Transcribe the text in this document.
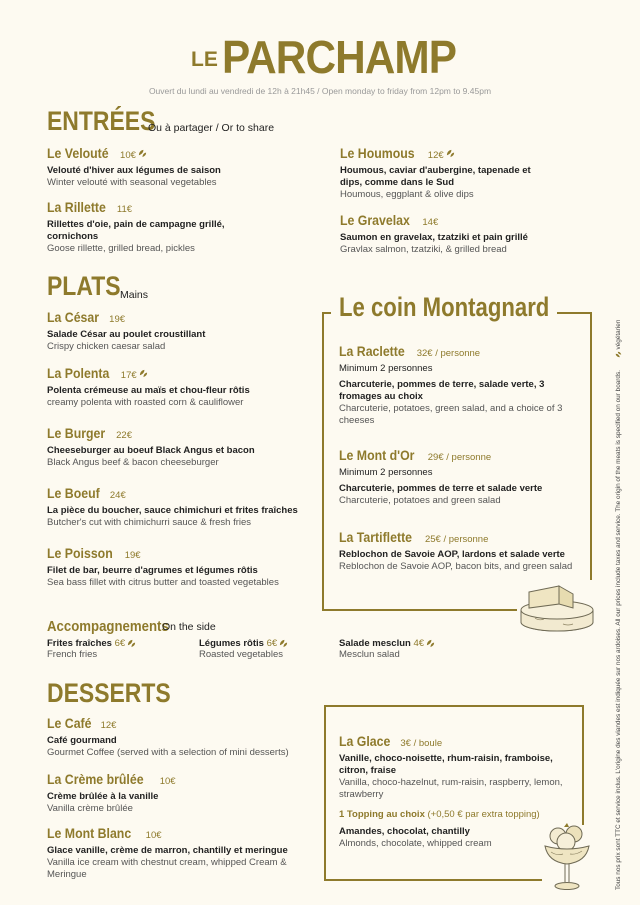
LE PARCHAMP
Ouvert du lundi au vendredi de 12h à 21h45 / Open monday to friday from 12pm to 9.45pm
ENTRÉES
Ou à partager / Or to share
Le Velouté 10€
Velouté d'hiver aux légumes de saison
Winter velouté with seasonal vegetables
La Rillette 11€
Rillettes d'oie, pain de campagne grillé, cornichons
Goose rillette, grilled bread, pickles
Le Houmous 12€
Houmous, caviar d'aubergine, tapenade et dips, comme dans le Sud
Houmous, eggplant & olive dips
Le Gravelax 14€
Saumon en gravelax, tzatziki et pain grillé
Gravlax salmon, tzatziki, & grilled bread
PLATS Mains
La César 19€
Salade César au poulet croustillant
Crispy chicken caesar salad
La Polenta 17€
Polenta crémeuse au maïs et chou-fleur rôtis
creamy polenta with roasted corn & cauliflower
Le Burger 22€
Cheeseburger au boeuf Black Angus et bacon
Black Angus beef & bacon cheeseburger
Le Boeuf 24€
La pièce du boucher, sauce chimichuri et frites fraîches
Butcher's cut with chimichurri sauce & fresh fries
Le Poisson 19€
Filet de bar, beurre d'agrumes et légumes rôtis
Sea bass fillet with citrus butter and toasted vegetables
Le coin Montagnard
La Raclette 32€ / personne
Minimum 2 personnes
Charcuterie, pommes de terre, salade verte, 3 fromages au choix
Charcuterie, potatoes, green salad, and a choice of 3 cheeses
Le Mont d'Or 29€ / personne
Minimum 2 personnes
Charcuterie, pommes de terre et salade verte
Charcuterie, potatoes and green salad
La Tartiflette 25€ / personne
Reblochon de Savoie AOP, lardons et salade verte
Reblochon de Savoie AOP, bacon bits, and green salad
Accompagnements
On the side
Frites fraîches 6€
French fries
Légumes rôtis 6€
Roasted vegetables
Salade mesclun 4€
Mesclun salad
DESSERTS
Le Café 12€
Café gourmand
Gourmet Coffee (served with a selection of mini desserts)
La Crème brûlée 10€
Crème brûlée à la vanille
Vanilla crème brûlée
Le Mont Blanc 10€
Glace vanille, crème de marron, chantilly et meringue
Vanilla ice cream with chestnut cream, whipped Cream & Meringue
La Glace 3€ / boule
Vanille, choco-noisette, rhum-raisin, framboise, citron, fraise
Vanilla, choco-hazelnut, rum-raisin, raspberry, lemon, strawberry
1 Topping au choix (+0,50 € par extra topping)
Amandes, chocolat, chantilly
Almonds, chocolate, whipped cream	Tous nos prix sont TTC et service inclus. L'origine des viandes est indiquée sur nos ardoises. All our prices include taxes and service. The origin of the meats is specified on our boards.  végétarien
